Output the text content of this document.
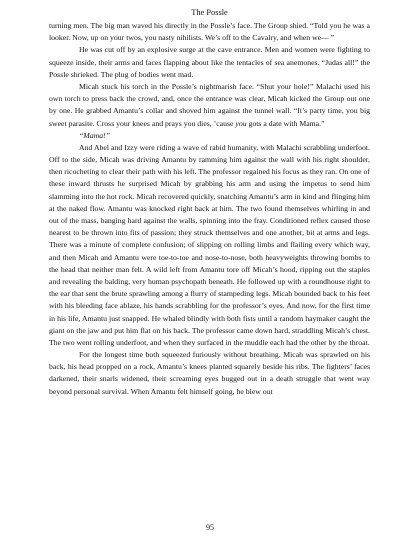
The Possle

turning men. The big man waved his directly in the Possle’s face. The Group shied. “Told you he was a looker. Now, up on your twos, you nasty nihilists. We’s off to the Cavalry, and when we— ”

He was cut off by an explosive surge at the cave entrance. Men and women were fighting to squeeze inside, their arms and faces flapping about like the tentacles of sea anemones. “Judas all!” the Possle shrieked. The plug of bodies went mad.

Micah stuck his torch in the Possle’s nightmarish face. “Shut your hole!” Malachi used his own torch to press back the crowd, and, once the entrance was clear, Micah kicked the Group out one by one. He grabbed Amantu’s collar and shoved him against the tunnel wall. “It’s party time, you big sweet parasite. Cross your knees and prays you dies, ’cause you gots a date with Mama.”

“Mama!”

And Abel and Izzy were riding a wave of rabid humanity, with Malachi scrabbling underfoot. Off to the side, Micah was driving Amantu by ramming him against the wall with his right shoulder, then ricocheting to clear their path with his left. The professor regained his focus as they ran. On one of these inward thrusts he surprised Micah by grabbing his arm and using the impetus to send him slamming into the hot rock. Micah recovered quickly, snatching Amantu’s arm in kind and flinging him at the naked flow. Amantu was knocked right back at him. The two found themselves whirling in and out of the mass, banging hard against the walls, spinning into the fray. Conditioned reflex caused those nearest to be thrown into fits of passion; they struck themselves and one another, bit at arms and legs. There was a minute of complete confusion; of slipping on rolling limbs and flailing every which way, and then Micah and Amantu were toe-to-toe and nose-to-nose, both heavyweights throwing bombs to the head that neither man felt. A wild left from Amantu tore off Micah’s hood, ripping out the staples and revealing the balding, very human psychopath beneath. He followed up with a roundhouse right to the ear that sent the brute sprawling among a flurry of stampeding legs. Micah bounded back to his feet with his bleeding face ablaze, his hands scrabbling for the professor’s eyes. And now, for the first time in his life, Amantu just snapped. He whaled blindly with both fists until a random haymaker caught the giant on the jaw and put him flat on his back. The professor came down hard, straddling Micah’s chest. The two went rolling underfoot, and when they surfaced in the muddle each had the other by the throat.

For the longest time both squeezed furiously without breathing. Micah was sprawled on his back, his head propped on a rock, Amantu’s knees planted squarely beside his ribs. The fighters’ faces darkened, their snarls widened, their screaming eyes bugged out in a death struggle that went way beyond personal survival. When Amantu felt himself going, he blew out

95
